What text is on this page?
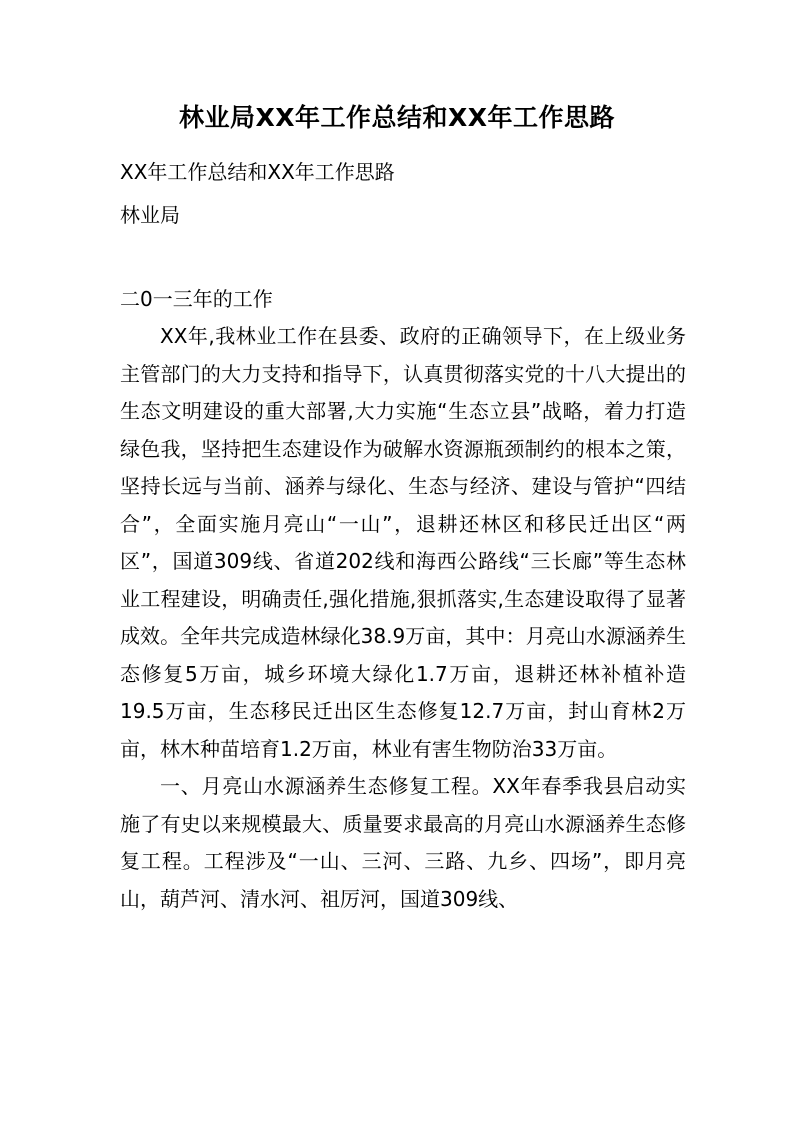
林业局XX年工作总结和XX年工作思路
XX年工作总结和XX年工作思路
林业局
二0一三年的工作

XX年,我林业工作在县委、政府的正确领导下，在上级业务主管部门的大力支持和指导下，认真贯彻落实党的十八大提出的生态文明建设的重大部署,大力实施“生态立县”战略，着力打造绿色我，坚持把生态建设作为破解水资源瓶颈制约的根本之策，坚持长远与当前、涵养与绿化、生态与经济、建设与管护“四结合”，全面实施月亮山“一山”，退耕还林区和移民迁出区“两区”，国道309线、省道202线和海西公路线“三长廊”等生态林业工程建设，明确责任,强化措施,狠抓落实,生态建设取得了显著成效。全年共完成造林绿化38.9万亩，其中：月亮山水源涵养生态修复5万亩，城乡环境大绿化1.7万亩，退耕还林补植补造19.5万亩，生态移民迁出区生态修复12.7万亩，封山育林2万亩，林木种苗培育1.2万亩，林业有害生物防治33万亩。

一、月亮山水源涵养生态修复工程。XX年春季我县启动实施了有史以来规模最大、质量要求最高的月亮山水源涵养生态修复工程。工程涉及“一山、三河、三路、九乡、四场”，即月亮山，葫芦河、清水河、祖厉河，国道309线、
